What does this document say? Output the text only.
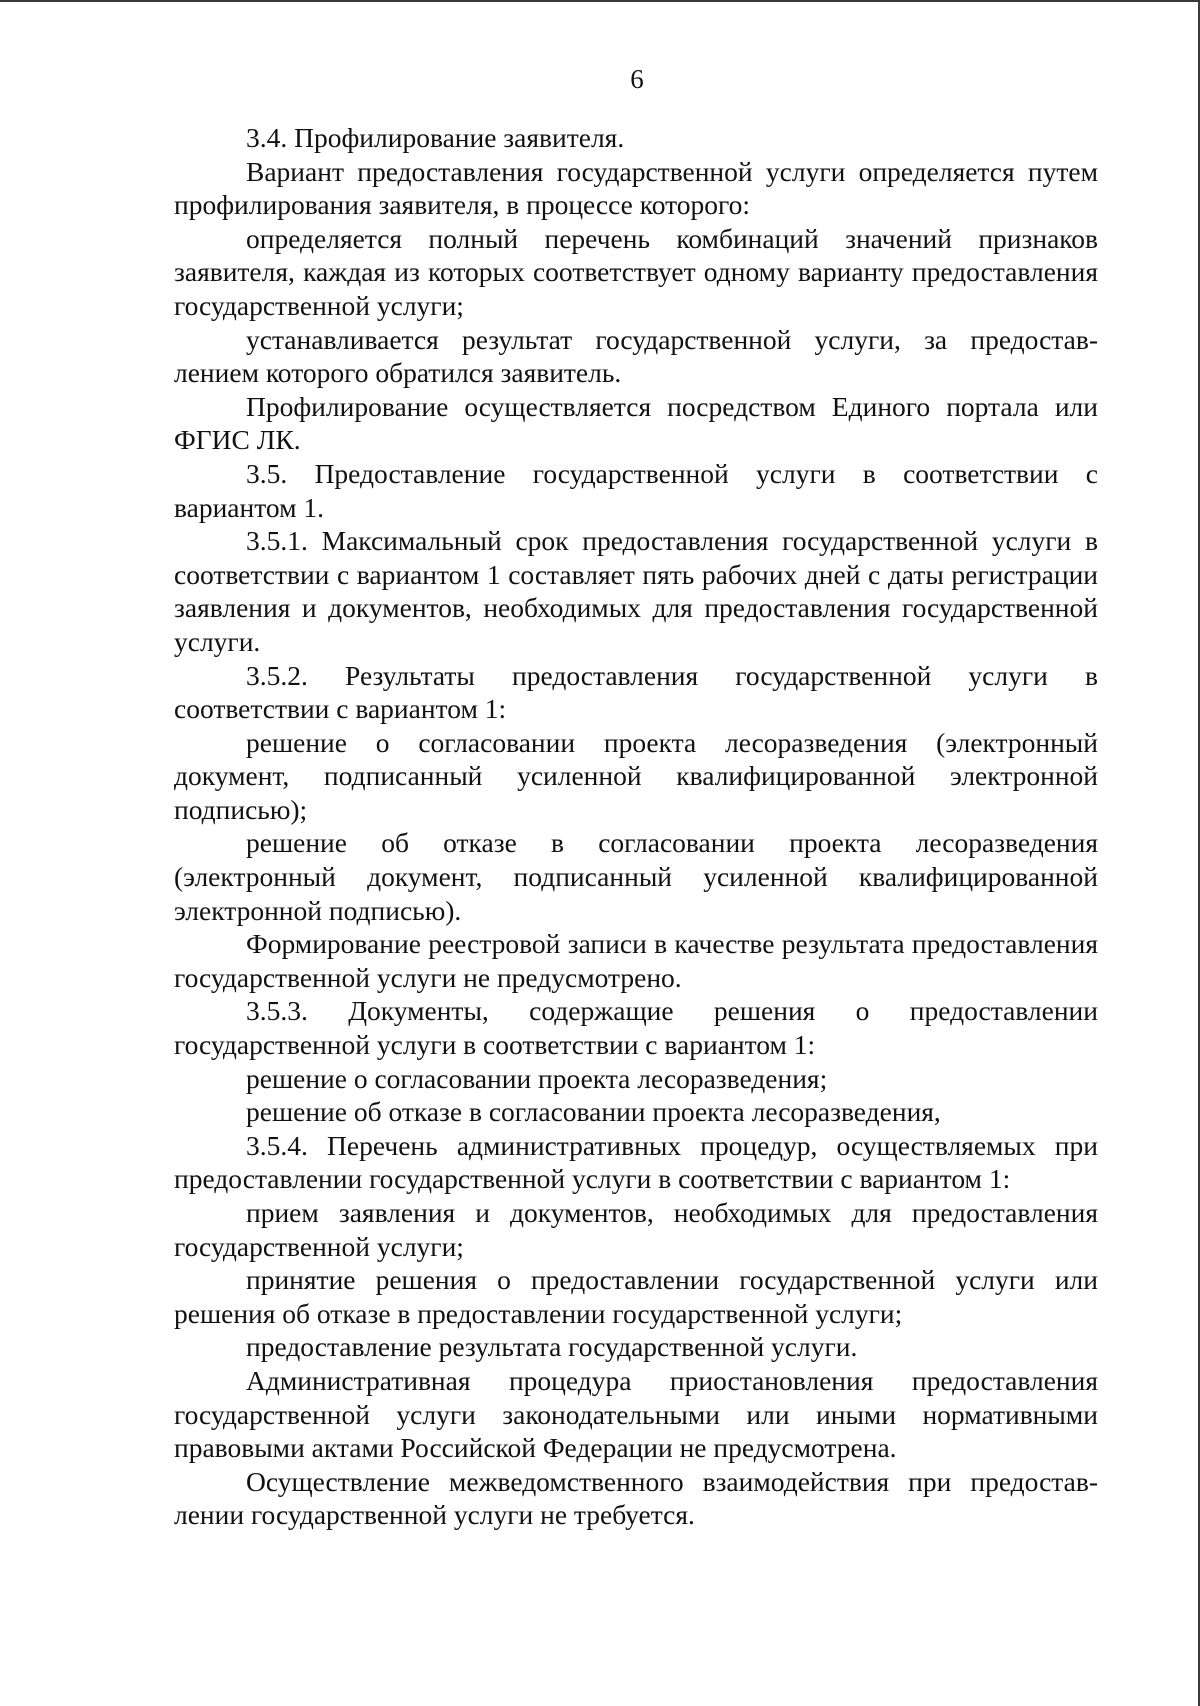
6

3.4. Профилирование заявителя.

Вариант предоставления государственной услуги определяется путем профилирования заявителя, в процессе которого:

определяется полный перечень комбинаций значений признаков заявителя, каждая из которых соответствует одному варианту предоставления государственной услуги;

устанавливается результат государственной услуги, за предостав-лением которого обратился заявитель.

Профилирование осуществляется посредством Единого портала или ФГИС ЛК.

3.5. Предоставление государственной услуги в соответствии с вариантом 1.

3.5.1. Максимальный срок предоставления государственной услуги в соответствии с вариантом 1 составляет пять рабочих дней с даты регистрации заявления и документов, необходимых для предоставления государственной услуги.

3.5.2. Результаты предоставления государственной услуги в соответствии с вариантом 1:

решение о согласовании проекта лесоразведения (электронный документ, подписанный усиленной квалифицированной электронной подписью);

решение об отказе в согласовании проекта лесоразведения (электронный документ, подписанный усиленной квалифицированной электронной подписью).

Формирование реестровой записи в качестве результата предоставления государственной услуги не предусмотрено.

3.5.3. Документы, содержащие решения о предоставлении государственной услуги в соответствии с вариантом 1:

решение о согласовании проекта лесоразведения;

решение об отказе в согласовании проекта лесоразведения,

3.5.4. Перечень административных процедур, осуществляемых при предоставлении государственной услуги в соответствии с вариантом 1:

прием заявления и документов, необходимых для предоставления государственной услуги;

принятие решения о предоставлении государственной услуги или решения об отказе в предоставлении государственной услуги;

предоставление результата государственной услуги.

Административная процедура приостановления предоставления государственной услуги законодательными или иными нормативными правовыми актами Российской Федерации не предусмотрена.

Осуществление межведомственного взаимодействия при предостав-лении государственной услуги не требуется.
